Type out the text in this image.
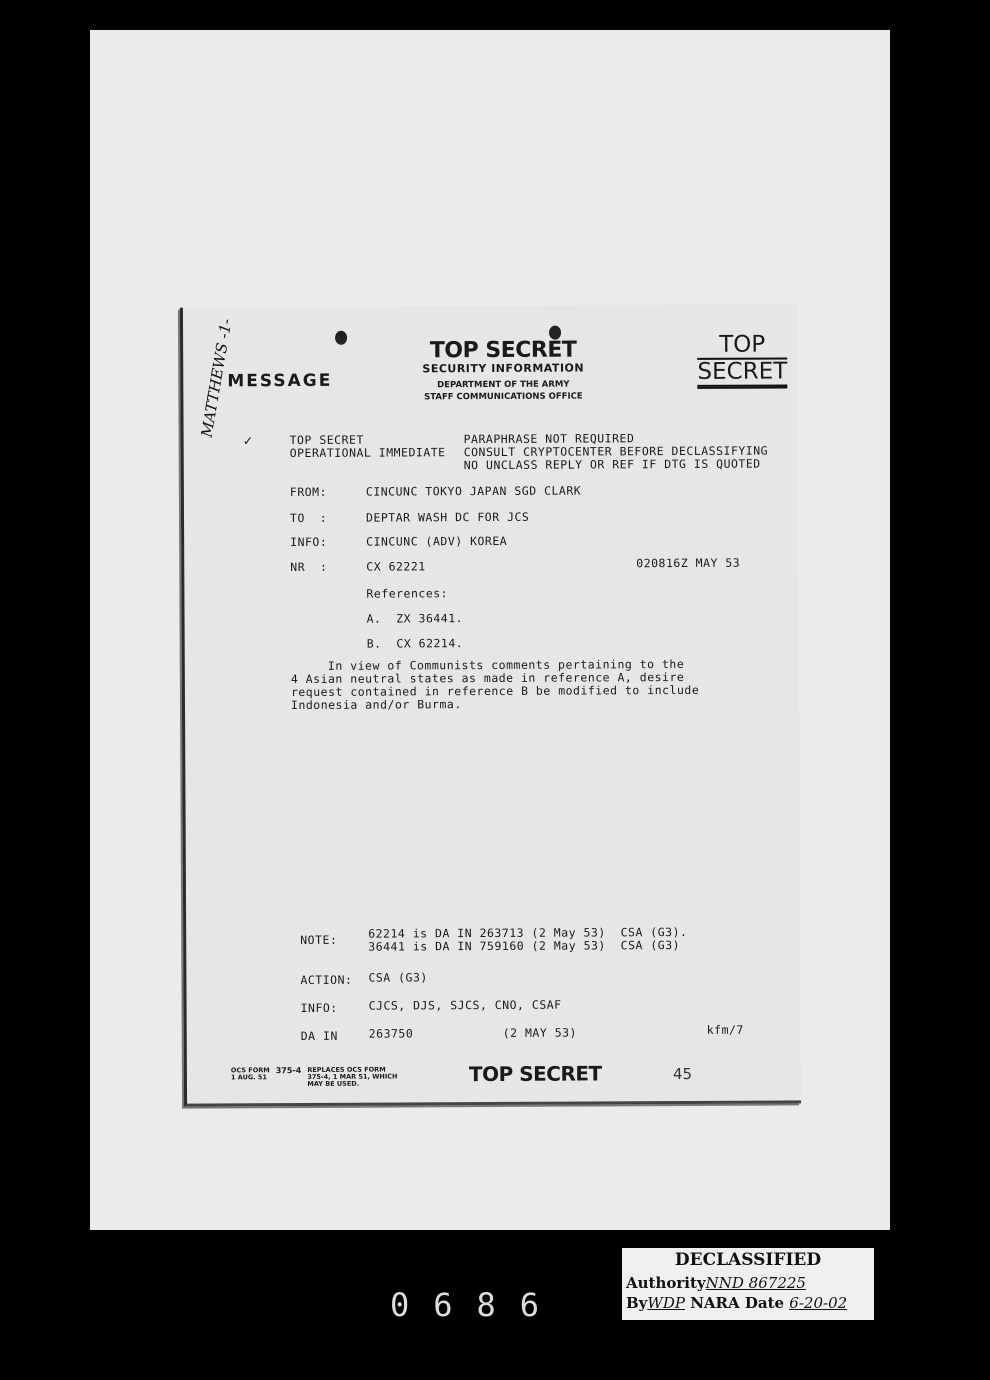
MESSAGE
TOP SECRET
SECURITY INFORMATION
DEPARTMENT OF THE ARMY
STAFF COMMUNICATIONS OFFICE
TOP
SECRET
MATTHEWS -1-
✓	TOP SECRET
OPERATIONAL IMMEDIATE
PARAPHRASE NOT REQUIRED
CONSULT CRYPTOCENTER BEFORE DECLASSIFYING
NO UNCLASS REPLY OR REF IF DTG IS QUOTED
FROM:	CINCUNC TOKYO JAPAN SGD CLARK
TO  :	DEPTAR WASH DC FOR JCS
INFO:	CINCUNC (ADV) KOREA
NR  :	CX 62221	020816Z MAY 53
References:
A.  ZX 36441.
B.  CX 62214.
In view of Communists comments pertaining to the
4 Asian neutral states as made in reference A, desire
request contained in reference B be modified to include
Indonesia and/or Burma.
NOTE:	62214 is DA IN 263713 (2 May 53)  CSA (G3).
36441 is DA IN 759160 (2 May 53)  CSA (G3)
ACTION: CSA (G3)
INFO:	CJCS, DJS, SJCS, CNO, CSAF
DA IN	263750	(2 MAY 53)	kfm/7
OCS FORM
1 AUG. 51
375-4 REPLACES OCS FORM
375-4, 1 MAR 51, WHICH
MAY BE USED.	TOP SECRET	45
0686
DECLASSIFIED
AuthorityNND 867225
ByWDP NARA Date 6-20-02
